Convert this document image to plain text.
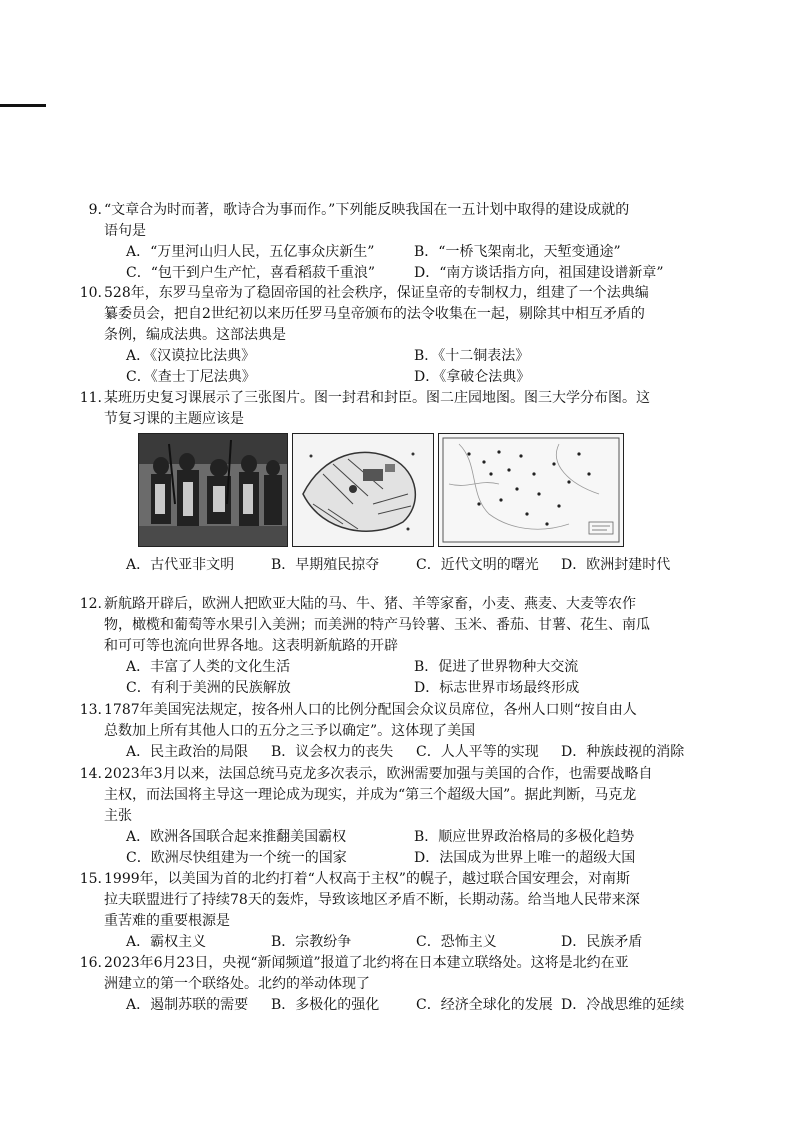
9. “文章合为时而著，歌诗合为事而作。”下列能反映我国在一五计划中取得的建设成就的

语句是

A．“万里河山归人民，五亿事众庆新生”	B．“一桥飞架南北，天堑变通途”
C．“包干到户生产忙，喜看稻菽千重浪”	D．“南方谈话指方向，祖国建设谱新章”
10. 528年，东罗马皇帝为了稳固帝国的社会秩序，保证皇帝的专制权力，组建了一个法典编

纂委员会，把自2世纪初以来历任罗马皇帝颁布的法令收集在一起，剔除其中相互矛盾的

条例，编成法典。这部法典是

A．《汉谟拉比法典》	B．《十二铜表法》
C．《查士丁尼法典》	D．《拿破仑法典》
11. 某班历史复习课展示了三张图片。图一封君和封臣。图二庄园地图。图三大学分布图。这

节复习课的主题应该是

A．古代亚非文明	B．早期殖民掠夺	C．近代文明的曙光	D．欧洲封建时代
12. 新航路开辟后，欧洲人把欧亚大陆的马、牛、猪、羊等家畜，小麦、燕麦、大麦等农作

物，橄榄和葡萄等水果引入美洲；而美洲的特产马铃薯、玉米、番茄、甘薯、花生、南瓜

和可可等也流向世界各地。这表明新航路的开辟

A．丰富了人类的文化生活	B．促进了世界物种大交流
C．有利于美洲的民族解放	D．标志世界市场最终形成
13. 1787年美国宪法规定，按各州人口的比例分配国会众议员席位，各州人口则“按自由人

总数加上所有其他人口的五分之三予以确定”。这体现了美国

A．民主政治的局限	B．议会权力的丧失	C．人人平等的实现	D．种族歧视的消除
14. 2023年3月以来，法国总统马克龙多次表示，欧洲需要加强与美国的合作，也需要战略自

主权，而法国将主导这一理论成为现实，并成为“第三个超级大国”。据此判断，马克龙

主张

A．欧洲各国联合起来推翻美国霸权	B．顺应世界政治格局的多极化趋势
C．欧洲尽快组建为一个统一的国家	D．法国成为世界上唯一的超级大国
15. 1999年，以美国为首的北约打着“人权高于主权”的幌子，越过联合国安理会，对南斯

拉夫联盟进行了持续78天的轰炸，导致该地区矛盾不断，长期动荡。给当地人民带来深

重苦难的重要根源是

A．霸权主义	B．宗教纷争	C．恐怖主义	D．民族矛盾
16. 2023年6月23日，央视“新闻频道”报道了北约将在日本建立联络处。这将是北约在亚

洲建立的第一个联络处。北约的举动体现了

A．遏制苏联的需要	B．多极化的强化	C．经济全球化的发展 D．冷战思维的延续
